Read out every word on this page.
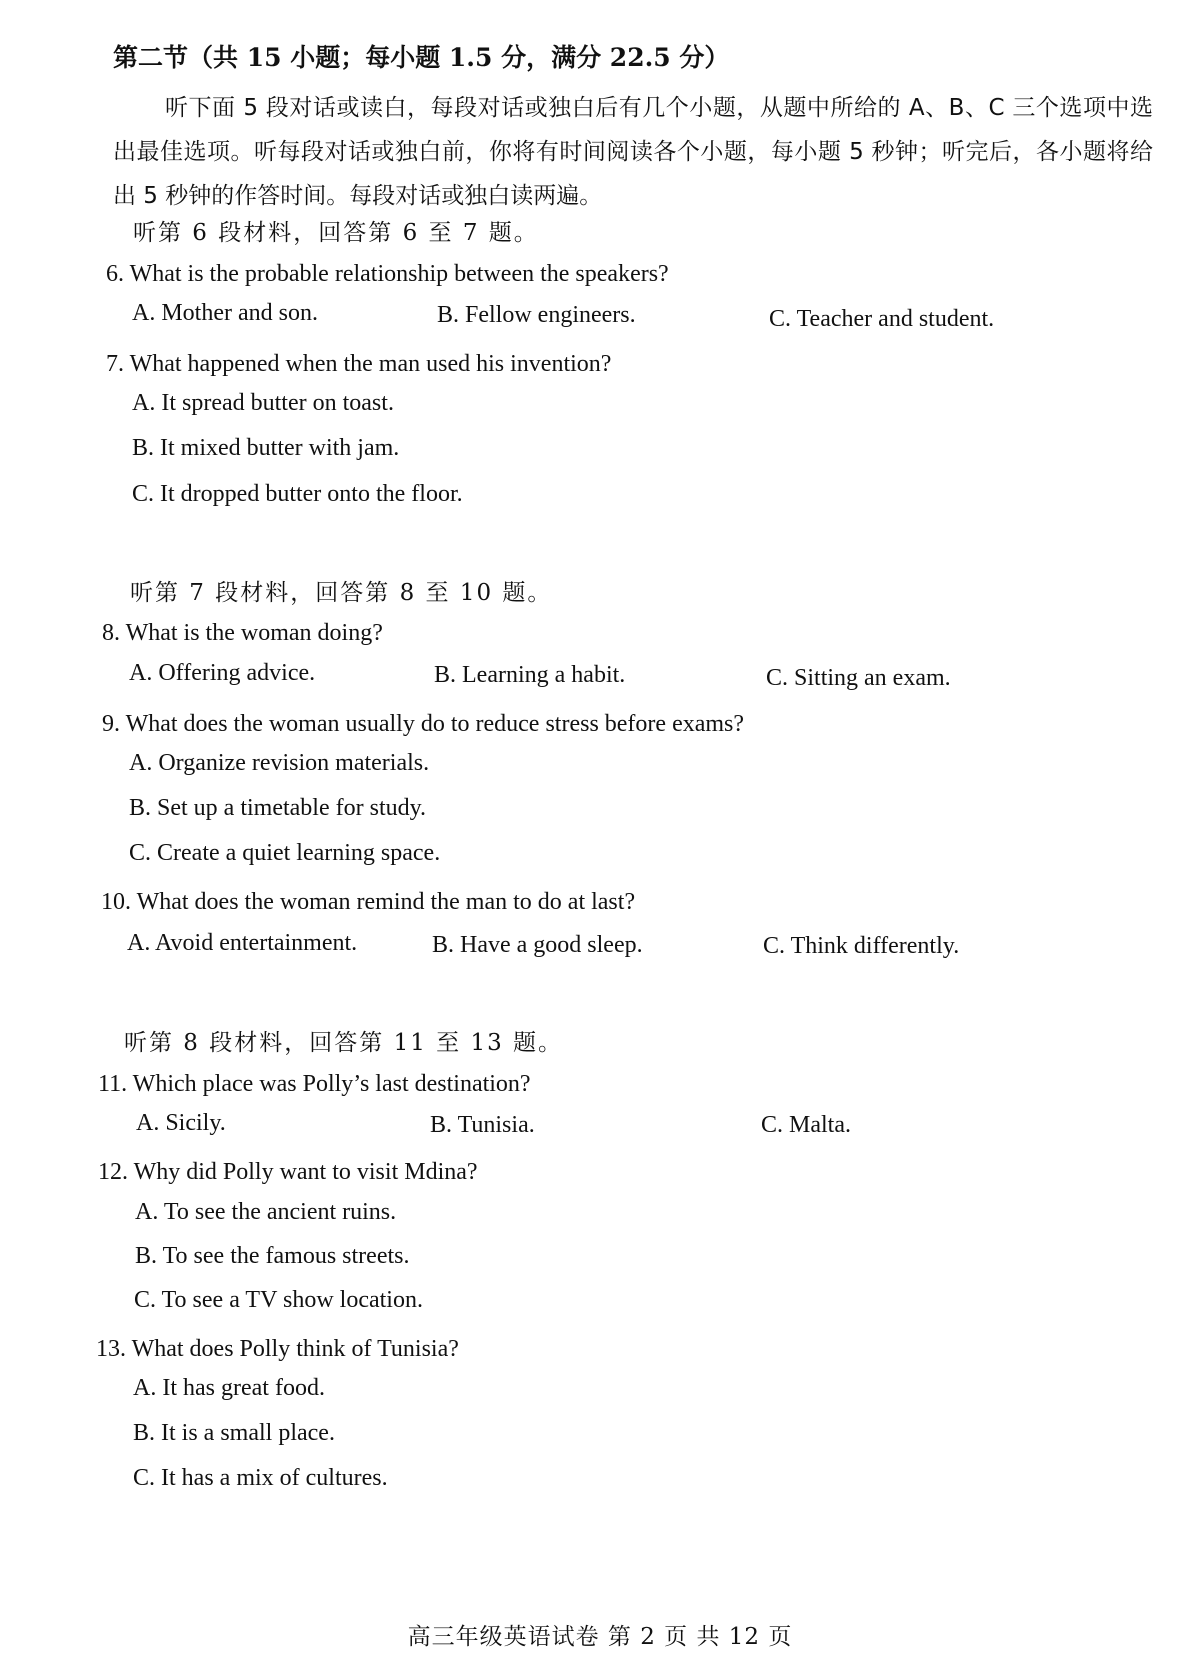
第二节（共 15 小题；每小题 1.5 分，满分 22.5 分）
听下面 5 段对话或读白，每段对话或独白后有几个小题，从题中所给的 A、B、C 三个选项中选出最佳选项。听每段对话或独白前，你将有时间阅读各个小题，每小题 5 秒钟；听完后，各小题将给出 5 秒钟的作答时间。每段对话或独白读两遍。
听第 6 段材料，回答第 6 至 7 题。
6. What is the probable relationship between the speakers?
A. Mother and son.	B. Fellow engineers.	C. Teacher and student.
7. What happened when the man used his invention?
A. It spread butter on toast.
B. It mixed butter with jam.
C. It dropped butter onto the floor.
听第 7 段材料，回答第 8 至 10 题。
8. What is the woman doing?
A. Offering advice.	B. Learning a habit.	C. Sitting an exam.
9. What does the woman usually do to reduce stress before exams?
A. Organize revision materials.
B. Set up a timetable for study.
C. Create a quiet learning space.
10. What does the woman remind the man to do at last?
A. Avoid entertainment.	B. Have a good sleep.	C. Think differently.
听第 8 段材料，回答第 11 至 13 题。
11. Which place was Polly’s last destination?
A. Sicily.	B. Tunisia.	C. Malta.
12. Why did Polly want to visit Mdina?
A. To see the ancient ruins.
B. To see the famous streets.
C. To see a TV show location.
13. What does Polly think of Tunisia?
A. It has great food.
B. It is a small place.
C. It has a mix of cultures.
高三年级英语试卷 第 2 页 共 12 页
